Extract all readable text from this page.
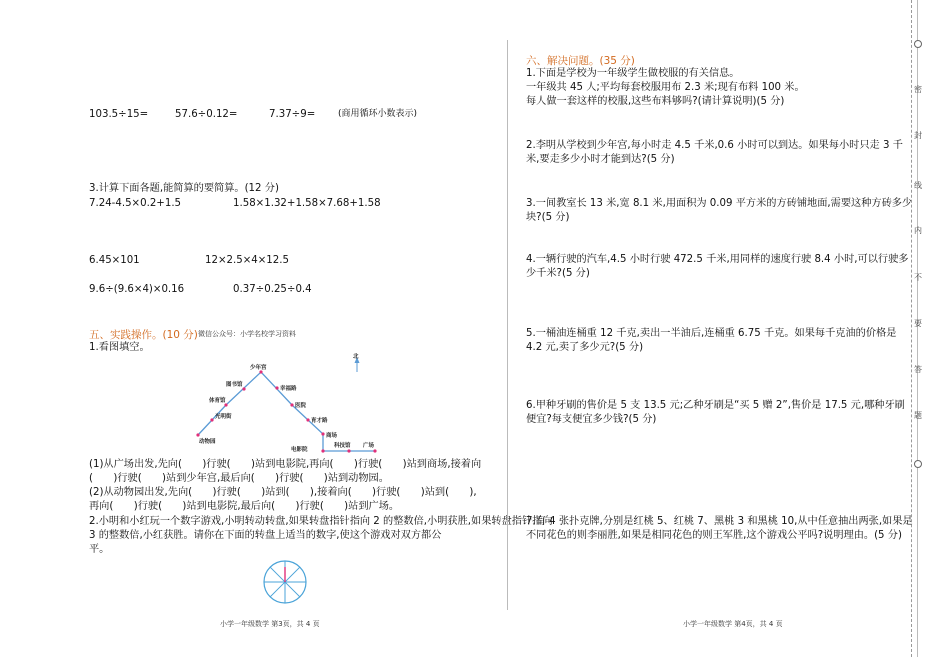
103.5÷15=	57.6÷0.12=	7.37÷9=	(商用循环小数表示)
3.计算下面各题,能简算的要简算。(12 分)
7.24-4.5×0.2+1.5	1.58×1.32+1.58×7.68+1.58
6.45×101	12×2.5×4×12.5
9.6÷(9.6×4)×0.16	0.37÷0.25÷0.4
五、实践操作。(10 分) 微信公众号：小学名校学习资料
1.看图填空。
北
少年宫
图书馆
体育馆
光明街
动物园
幸福路
医院
育才路
商场
电影院
科技馆 广场
(1)从广场出发,先向(　　)行驶(　　)站到电影院,再向(　　)行驶(　　)站到商场,接着向
(　　)行驶(　　)站到少年宫,最后向(　　)行驶(　　)站到动物园。
(2)从动物园出发,先向(　　)行驶(　　)站到(　　),接着向(　　)行驶(　　)站到(　　),
再向(　　)行驶(　　)站到电影院,最后向(　　)行驶(　　)站到广场。
2.小明和小红玩一个数字游戏,小明转动转盘,如果转盘指针指向 2 的整数倍,小明获胜,如果转盘指针指向
3 的整数倍,小红获胜。请你在下面的转盘上适当的数字,使这个游戏对双方都公
平。
小学一年级数学 第3页，共 4 页
六、解决问题。(35 分)
1.下面是学校为一年级学生做校服的有关信息。
一年级共 45 人;平均每套校服用布 2.3 米;现有布料 100 米。
每人做一套这样的校服,这些布料够吗?(请计算说明)(5 分)
2.李明从学校到少年宫,每小时走 4.5 千米,0.6 小时可以到达。如果每小时只走 3 千
米,要走多少小时才能到达?(5 分)
3.一间教室长 13 米,宽 8.1 米,用面积为 0.09 平方米的方砖铺地面,需要这种方砖多少
块?(5 分)
4.一辆行驶的汽车,4.5 小时行驶 472.5 千米,用同样的速度行驶 8.4 小时,可以行驶多
少千米?(5 分)
5.一桶油连桶重 12 千克,卖出一半油后,连桶重 6.75 千克。如果每千克油的价格是
4.2 元,卖了多少元?(5 分)
6.甲种牙刷的售价是 5 支 13.5 元;乙种牙刷是“买 5 赠 2”,售价是 17.5 元,哪种牙刷
便宜?每支便宜多少钱?(5 分)
7.有 4 张扑克牌,分别是红桃 5、红桃 7、黑桃 3 和黑桃 10,从中任意抽出两张,如果是
不同花色的则李丽胜,如果是相同花色的则王军胜,这个游戏公平吗?说明理由。(5 分)
小学一年级数学 第4页，共 4 页
密
封
线
内
不
要
答
题
